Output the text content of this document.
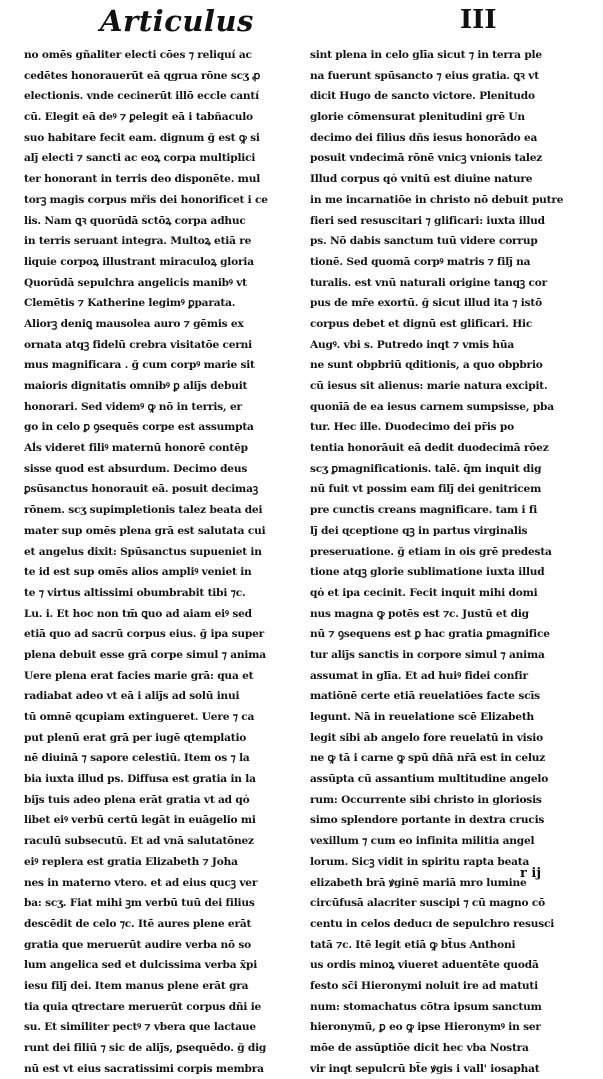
Articulus	III
no omēs gñaliter electi cōes ⁊ reliquí ac
cedētes honorauerūt eā ɋgrua rōne scʒ ꝓ
electionis. vnde cecinerūt illō eccle cantí
cū. Elegit eā deꝰ ⁊ ꝑelegit eā i tabñaculo
suo habitare fecit eam. dignum ğ est ꝙ si
alȷ̄ electi ⁊ sancti ac eoꝝ corpa multiplici
ter honorant in terris deo disponēte. mul
torꝫ magis corpus mřis dei honorificet i ce
lis. Nam ꝗꝛ quorūdā sctōꝝ corpa adhuc
in terris seruant integra. Multoꝝ etiā re
liquie corpoꝝ illustrant miraculoꝝ gloria
Quorūdā sepulchra angelicis manibꝰ vt
Clemētis ⁊ Katherine legimꝰ ꝑparata.
Aliorꝫ deniꝗ mausolea auro ⁊ gēmis ex
ornata atqꝫ fidelū crebra visitatōe cerni
mus magnificara . ğ cum corpꝰ marie sit
maioris dignitatis omnibꝰ ꝑ aliȷ̄s debuit
honorari. Sed videmꝰ ꝙ nō in terris, er
go in celo ꝑ ꝯsequēs corpe est assumpta
Aĺs videret filiꝰ maternū honorē contēp
sisse quod est absurdum. Decimo deus
ꝑsūsanctus honorauit eā. posuit decimaꝫ
rōnem. scʒ supimpletionis talez beata dei
mater sup omēs plena grā est salutata cui
et angelus dixit: Spūsanctus supueniet in
te id est sup omēs alios ampliꝰ veniet in
te ⁊ virtus altissimi obumbrabit tibi ⁊c.
Lu. i. Et hoc non tm̄ ꝗuo ad aiam eiꝰ sed
etiā quo ad sacrū corpus eius. ğ ipa super
plena debuit esse grā corpe simul ⁊ anima
Uere plena erat facies marie grā: qua et
radiabat adeo vt eā i aliȷ̄s ad solū inui
tū omnē ɋcupiam extingueret. Uere ⁊ ca
put plenū erat grā per iugē ɋtemplatio
nē diuinā ⁊ sapore celestiū. Item os ⁊ la
bia iuxta illud ps. Diffusa est gratia in la
biȷ̄s tuis adeo plena erāt gratia vt ad qȯ
libet eiꝰ verbū certū legāt in euāgelio mi
raculū subsecutū. Et ad vnā salutatōnez
eiꝰ replera est gratia Elizabeth ⁊ Joha
nes in materno vtero. et ad eius ɋucꝫ ver
ba: scʒ. Fiat mihi ꝫm verbū tuū dei filius
descēdit de celo ⁊c. Itē aures plene erāt
gratia que meruerūt audire verba nō so
lum angelica sed et dulcissima verba x̄pi
iesu filȷ̄ dei. Item manus plene erāt gra
tia quia ɋtrectare meruerūt corpus dñi ie
su. Et similiter pectꝰ ⁊ vbera que lactaue
runt dei filiū ⁊ sic de aliȷ̄s, ꝑsequēdo. ğ dig
nū est vt eius sacratissimi corpis membra
sint plena in celo glīa sicut ⁊ in terra ple
na fuerunt spūsancto ⁊ eius gratia. ꝗꝛ vt
dicit Hugo de sancto victore. Plenitudo
glorie cōmensurat plenitudini grē Un
decimo dei filius dñs iesus honorādo ea
posuit vndecimā rōnē vnicꝫ vnionis talez
Illud corpus qȯ vnitū est diuine nature
in me incarnatiōe in christo nō debuit putre
fieri sed resuscitari ⁊ glificari: iuxta illud
ps. Nō dabis sanctum tuū videre corrup
tionē. Sed quomā corpꝰ matris ⁊ filȷ̄ na
turalis. est vnū naturali origine tanqꝫ cor
pus de mr̄e exortū. ğ sicut illud ita ⁊ istō
corpus debet et dignū est glificari. Hic
Augꝰ. vbi s. Putredo inqt ⁊ vmis hūa
ne sunt obpbriū ɋditionis, a quo obpbrio
cū iesus sit alienus: marie natura excipit.
quonīā de ea iesus carnem sumpsisse, pba
tur. Hec ille. Duodecimo dei pr̄is po
tentia honorāuit eā dedit duodecimā rōez
scʒ ꝑmagnificationis. talē. q̄m inquit dig
nū fuit vt possim eam filȷ̄ dei genitricem
pre cunctis creans magnificare. tam i fi
lȷ̄ dei ɋceptione qꝫ in partus virginalis
preseruatione. ğ etiam in ois grē predesta
tione atqꝫ glorie sublimatione iuxta illud
qȯ et ipa cecinit. Fecit inquit mihi domi
nus magna ꝙ potēs est ⁊c. Justū et dig
nū ⁊ ꝯsequens est ꝑ hac gratia ꝑmagnifice
tur aliȷ̄s sanctis in corpore simul ⁊ anima
assumat in glīa. Et ad huiꝰ fidei confir
matiōnē certe etiā reuelatiōes facte scīs
legunt. Nā in reuelatione scē Elizabeth
legit sibi ab angelo fore reuelatū in visio
ne ꝙ tā i carne ꝙ spū dñā nr̄ā est in celuz
assūpta cū assantium multitudine angelo
rum: Occurrente sibi christo in gloriosis
simo splendore portante in dextra crucis
vexillum ⁊ cum eo infinita militia angel
lorum. Sicꝫ vidit in spiritu rapta beata
elizabeth brā ꝟginē mariā mro lumine
circūfusā alacriter suscipi ⁊ cū magno cō
centu in celos deducı de sepulchro resusci
tatā ⁊c. Itē legit etiā ꝙ bt̄us Anthoni
us ordis minoꝝ viueret aduentēte quodā
festo sc̄i Hieronymi noluit ire ad matuti
num: stomachatus cōtra ipsum sanctum
hieronymū, ꝑ eo ꝙ ipse Hieronymꝰ in ser
mōe de assūptiōe dicit hec vba Nostra
vir inqt sepulcrū bt̄e ꝟgis i vall' iosaphat
r ij
